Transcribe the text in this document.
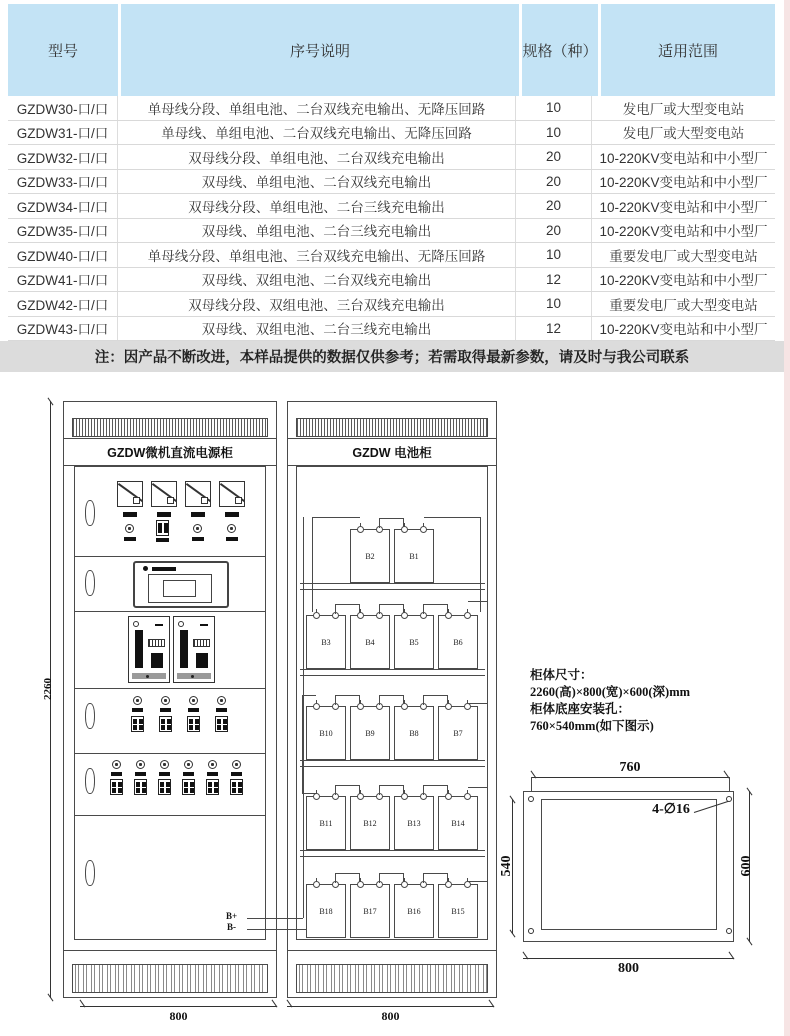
型号	序号说明	规格（种）	适用范围
GZDW30-口/口	单母线分段、单组电池、二台双线充电输出、无降压回路	10	发电厂或大型变电站
GZDW31-口/口	单母线、单组电池、二台双线充电输出、无降压回路	10	发电厂或大型变电站
GZDW32-口/口	双母线分段、单组电池、二台双线充电输出	20	10-220KV变电站和中小型厂
GZDW33-口/口	双母线、单组电池、二台双线充电输出	20	10-220KV变电站和中小型厂
GZDW34-口/口	双母线分段、单组电池、二台三线充电输出	20	10-220KV变电站和中小型厂
GZDW35-口/口	双母线、单组电池、二台三线充电输出	20	10-220KV变电站和中小型厂
GZDW40-口/口	单母线分段、单组电池、三台双线充电输出、无降压回路	10	重要发电厂或大型变电站
GZDW41-口/口	双母线、双组电池、二台双线充电输出	12	10-220KV变电站和中小型厂
GZDW42-口/口	双母线分段、双组电池、三台双线充电输出	10	重要发电厂或大型变电站
GZDW43-口/口	双母线、双组电池、二台三线充电输出	12	10-220KV变电站和中小型厂
注：因产品不断改进，本样品提供的数据仅供参考；若需取得最新参数，请及时与我公司联系
GZDW微机直流电源柜	GZDW 电池柜
B+
B-
B2	B1
B3	B4	B5	B6
B10	B9	B8	B7
B11	B12	B13	B14
B18	B17	B16	B15
2260
800	800
柜体尺寸：
2260(高)×800(宽)×600(深)mm
柜体底座安装孔：
760×540mm(如下图示)
760
540	600
800
4-∅16
